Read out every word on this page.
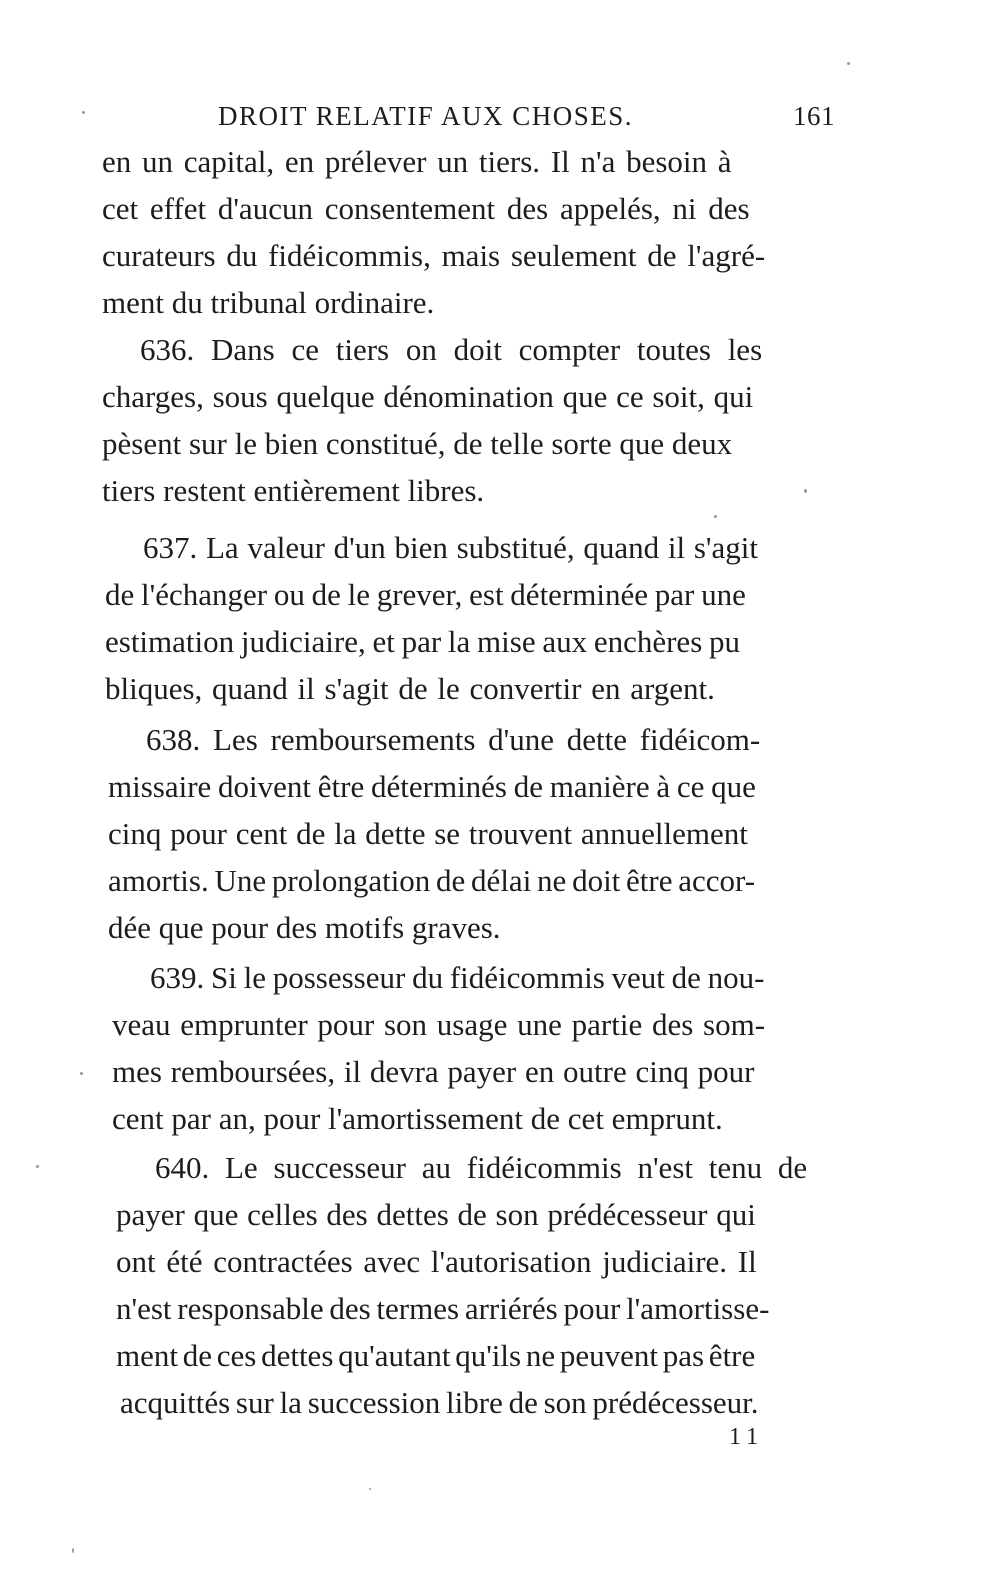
DROIT RELATIF AUX CHOSES.	161
en un capital, en prélever un tiers. Il n'a besoin à
cet effet d'aucun consentement des appelés, ni des
curateurs du fidéicommis, mais seulement de l'agré-
ment du tribunal ordinaire.
636. Dans ce tiers on doit compter toutes les
charges, sous quelque dénomination que ce soit, qui
pèsent sur le bien constitué, de telle sorte que deux
tiers restent entièrement libres.
637. La valeur d'un bien substitué, quand il s'agit
de l'échanger ou de le grever, est déterminée par une
estimation judiciaire, et par la mise aux enchères pu
bliques, quand il s'agit de le convertir en argent.
638. Les remboursements d'une dette fidéicom-
missaire doivent être déterminés de manière à ce que
cinq pour cent de la dette se trouvent annuellement
amortis. Une prolongation de délai ne doit être accor-
dée que pour des motifs graves.
639. Si le possesseur du fidéicommis veut de nou-
veau emprunter pour son usage une partie des som-
mes remboursées, il devra payer en outre cinq pour
cent par an, pour l'amortissement de cet emprunt.
640. Le successeur au fidéicommis n'est tenu de
payer que celles des dettes de son prédécesseur qui
ont été contractées avec l'autorisation judiciaire. Il
n'est responsable des termes arriérés pour l'amortisse-
ment de ces dettes qu'autant qu'ils ne peuvent pas être
acquittés sur la succession libre de son prédécesseur.
11
